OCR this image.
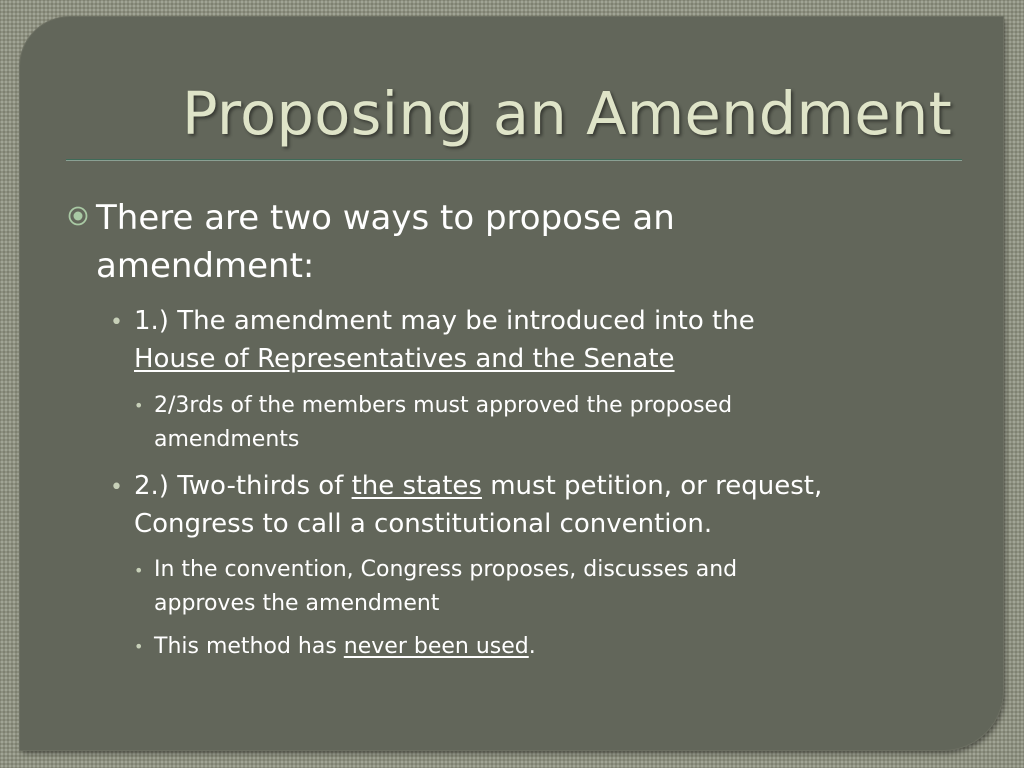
Proposing an Amendment

There are two ways to propose an
amendment:

• 1.) The amendment may be introduced into the
House of Representatives and the Senate

• 2/3rds of the members must approved the proposed
amendments

• 2.) Two-thirds of the states must petition, or request,
Congress to call a constitutional convention.

• In the convention, Congress proposes, discusses and
approves the amendment

• This method has never been used.
